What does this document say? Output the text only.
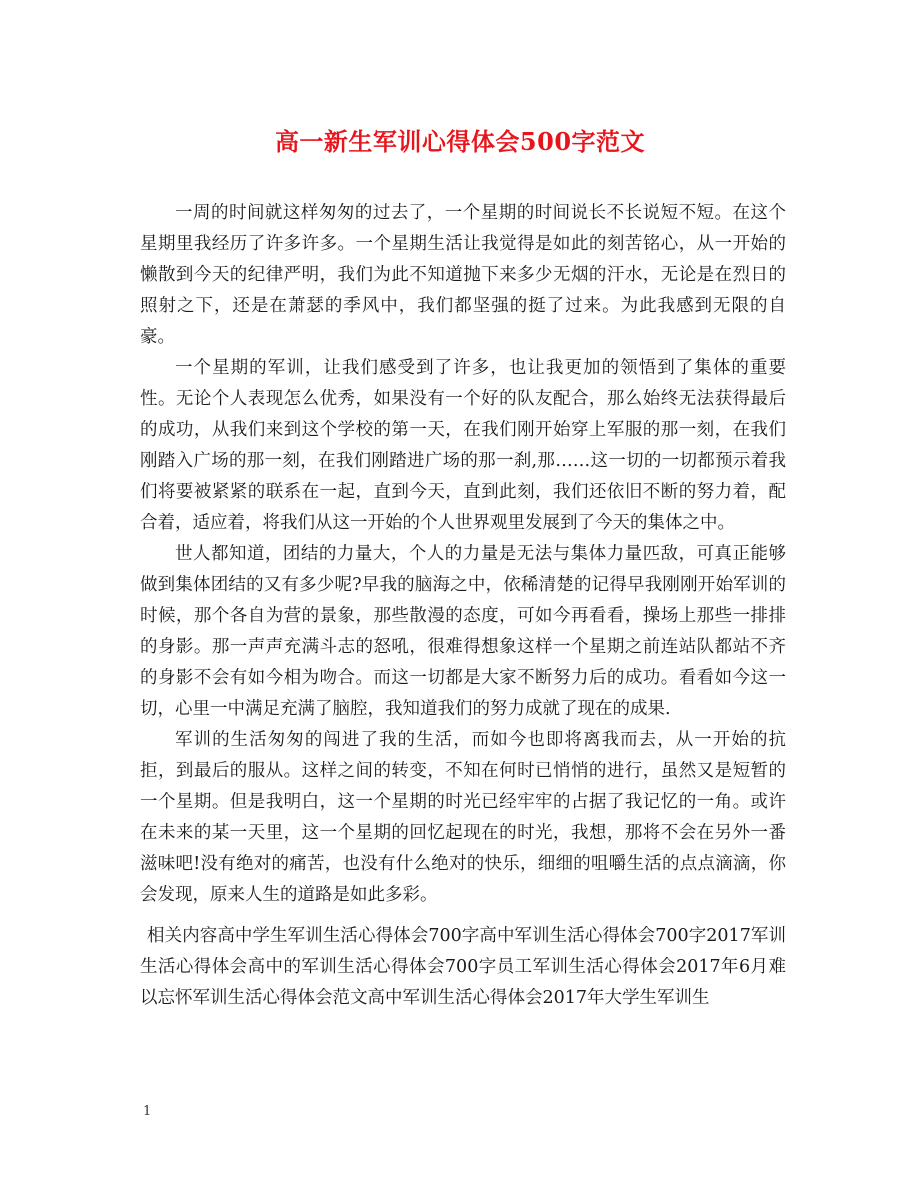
高一新生军训心得体会500字范文

一周的时间就这样匆匆的过去了，一个星期的时间说长不长说短不短。在这个星期里我经历了许多许多。一个星期生活让我觉得是如此的刻苦铭心，从一开始的懒散到今天的纪律严明，我们为此不知道抛下来多少无烟的汗水，无论是在烈日的照射之下，还是在萧瑟的季风中，我们都坚强的挺了过来。为此我感到无限的自豪。

一个星期的军训，让我们感受到了许多，也让我更加的领悟到了集体的重要性。无论个人表现怎么优秀，如果没有一个好的队友配合，那么始终无法获得最后的成功，从我们来到这个学校的第一天，在我们刚开始穿上军服的那一刻，在我们刚踏入广场的那一刻，在我们刚踏进广场的那一刹,那……这一切的一切都预示着我们将要被紧紧的联系在一起，直到今天，直到此刻，我们还依旧不断的努力着，配合着，适应着，将我们从这一开始的个人世界观里发展到了今天的集体之中。

世人都知道，团结的力量大，个人的力量是无法与集体力量匹敌，可真正能够做到集体团结的又有多少呢?早我的脑海之中，依稀清楚的记得早我刚刚开始军训的时候，那个各自为营的景象，那些散漫的态度，可如今再看看，操场上那些一排排的身影。那一声声充满斗志的怒吼，很难得想象这样一个星期之前连站队都站不齐的身影不会有如今相为吻合。而这一切都是大家不断努力后的成功。看看如今这一切，心里一中满足充满了脑腔，我知道我们的努力成就了现在的成果.

军训的生活匆匆的闯进了我的生活，而如今也即将离我而去，从一开始的抗拒，到最后的服从。这样之间的转变，不知在何时已悄悄的进行，虽然又是短暂的一个星期。但是我明白，这一个星期的时光已经牢牢的占据了我记忆的一角。或许在未来的某一天里，这一个星期的回忆起现在的时光，我想，那将不会在另外一番滋味吧!没有绝对的痛苦，也没有什么绝对的快乐，细细的咀嚼生活的点点滴滴，你会发现，原来人生的道路是如此多彩。

相关内容高中学生军训生活心得体会700字高中军训生活心得体会700字2017军训生活心得体会高中的军训生活心得体会700字员工军训生活心得体会2017年6月难以忘怀军训生活心得体会范文高中军训生活心得体会2017年大学生军训生

1
